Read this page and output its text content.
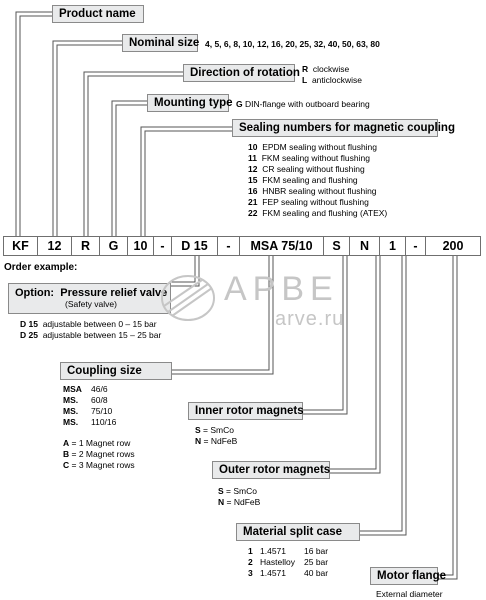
Product name
Nominal size 4, 5, 6, 8, 10, 12, 16, 20, 25, 32, 40, 50, 63, 80
Direction of rotation R clockwise
L anticlockwise
Mounting type G DIN-flange with outboard bearing
Sealing numbers for magnetic coupling
10 EPDM sealing without flushing
11 FKM sealing without flushing
12 CR sealing without flushing
15 FKM sealing and flushing
16 HNBR sealing without flushing
21 FEP sealing without flushing
22 FKM sealing and flushing (ATEX)
KF	12	R	G	10	-	D 15	-	MSA 75/10	S	N	1	-	200
Order example:
Option: Pressure relief valve
(Safety valve)
D 15 adjustable between 0 – 15 bar
D 25 adjustable between 15 – 25 bar
Coupling size
MSA 46/6
MS. 60/8
MS. 75/10
MS. 110/16
A = 1 Magnet row
B = 2 Magnet rows
C = 3 Magnet rows
Inner rotor magnets
S = SmCo
N = NdFeB
Outer rotor magnets
S = SmCo
N = NdFeB
Material split case
1 1.4571 16 bar
2 Hastelloy 25 bar
3 1.4571 40 bar	Motor flange
External diameter
АРВЕ
arve.ru
